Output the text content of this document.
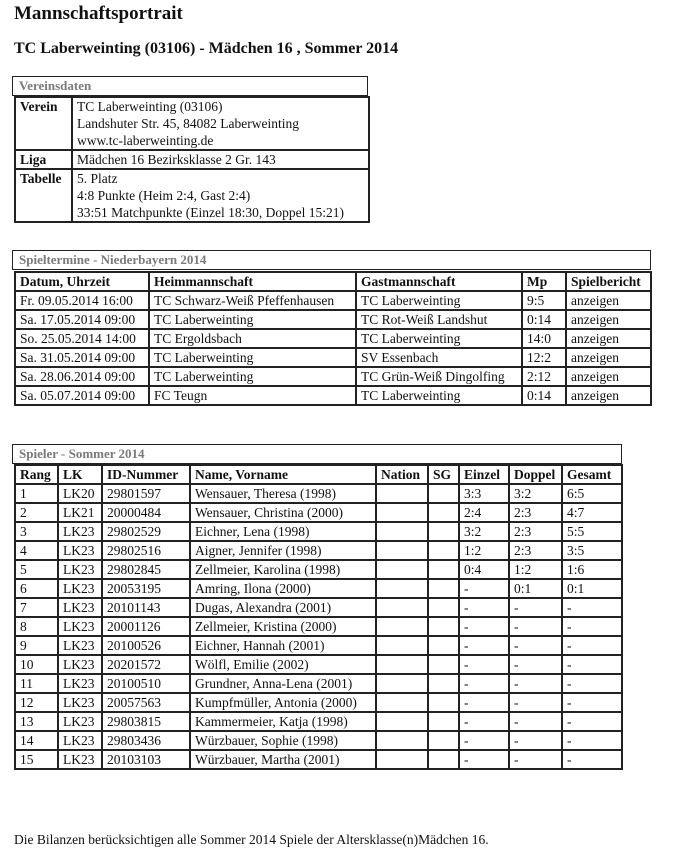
Mannschaftsportrait
TC Laberweinting (03106) - Mädchen 16 , Sommer 2014
Vereinsdaten
Verein	TC Laberweinting (03106)
Landshuter Str. 45, 84082 Laberweinting
www.tc-laberweinting.de

Liga	Mädchen 16 Bezirksklasse 2 Gr. 143

Tabelle	5. Platz
4:8 Punkte (Heim 2:4, Gast 2:4)
33:51 Matchpunkte (Einzel 18:30, Doppel 15:21)
Spieltermine - Niederbayern 2014
Datum, Uhrzeit	Heimmannschaft	Gastmannschaft	Mp	Spielbericht
Fr. 09.05.2014 16:00	TC Schwarz-Weiß Pfeffenhausen	TC Laberweinting	9:5	anzeigen
Sa. 17.05.2014 09:00	TC Laberweinting	TC Rot-Weiß Landshut	0:14	anzeigen
So. 25.05.2014 14:00	TC Ergoldsbach	TC Laberweinting	14:0	anzeigen
Sa. 31.05.2014 09:00	TC Laberweinting	SV Essenbach	12:2	anzeigen
Sa. 28.06.2014 09:00	TC Laberweinting	TC Grün-Weiß Dingolfing	2:12	anzeigen
Sa. 05.07.2014 09:00	FC Teugn	TC Laberweinting	0:14	anzeigen
Spieler - Sommer 2014
Rang	LK	ID-Nummer	Name, Vorname	Nation	SG	Einzel	Doppel	Gesamt
1	LK20	29801597	Wensauer, Theresa (1998)			3:3	3:2	6:5
2	LK21	20000484	Wensauer, Christina (2000)			2:4	2:3	4:7
3	LK23	29802529	Eichner, Lena (1998)			3:2	2:3	5:5
4	LK23	29802516	Aigner, Jennifer (1998)			1:2	2:3	3:5
5	LK23	29802845	Zellmeier, Karolina (1998)			0:4	1:2	1:6
6	LK23	20053195	Amring, Ilona (2000)			-	0:1	0:1
7	LK23	20101143	Dugas, Alexandra (2001)			-	-	-
8	LK23	20001126	Zellmeier, Kristina (2000)			-	-	-
9	LK23	20100526	Eichner, Hannah (2001)			-	-	-
10	LK23	20201572	Wölfl, Emilie (2002)			-	-	-
11	LK23	20100510	Grundner, Anna-Lena (2001)			-	-	-
12	LK23	20057563	Kumpfmüller, Antonia (2000)			-	-	-
13	LK23	29803815	Kammermeier, Katja (1998)			-	-	-
14	LK23	29803436	Würzbauer, Sophie (1998)			-	-	-
15	LK23	20103103	Würzbauer, Martha (2001)			-	-	-
Die Bilanzen berücksichtigen alle Sommer 2014 Spiele der Altersklasse(n)Mädchen 16.
